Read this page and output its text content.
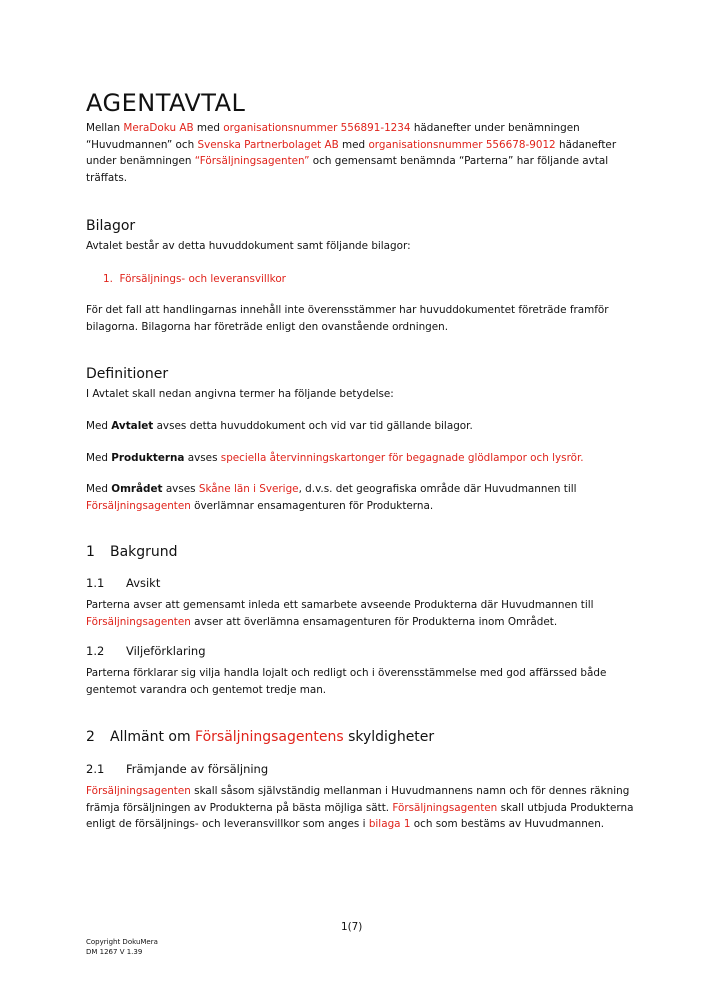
AGENTAVTAL

Mellan MeraDoku AB med organisationsnummer 556891-1234 hädanefter under benämningen “Huvudmannen” och Svenska Partnerbolaget AB med organisationsnummer 556678-9012 hädanefter under benämningen “Försäljningsagenten” och gemensamt benämnda “Parterna” har följande avtal träffats.

Bilagor

Avtalet består av detta huvuddokument samt följande bilagor:

1. Försäljnings- och leveransvillkor

För det fall att handlingarnas innehåll inte överensstämmer har huvuddokumentet företräde framför bilagorna. Bilagorna har företräde enligt den ovanstående ordningen.

Definitioner

I Avtalet skall nedan angivna termer ha följande betydelse:

Med Avtalet avses detta huvuddokument och vid var tid gällande bilagor.

Med Produkterna avses speciella återvinningskartonger för begagnade glödlampor och lysrör.

Med Området avses Skåne län i Sverige, d.v.s. det geografiska område där Huvudmannen till Försäljningsagenten överlämnar ensamagenturen för Produkterna.

1 Bakgrund
1.1 Avsikt

Parterna avser att gemensamt inleda ett samarbete avseende Produkterna där Huvudmannen till Försäljningsagenten avser att överlämna ensamagenturen för Produkterna inom Området.

1.2 Viljeförklaring

Parterna förklarar sig vilja handla lojalt och redligt och i överensstämmelse med god affärssed både gentemot varandra och gentemot tredje man.

2 Allmänt om Försäljningsagentens skyldigheter
2.1 Främjande av försäljning

Försäljningsagenten skall såsom självständig mellanman i Huvudmannens namn och för dennes räkning främja försäljningen av Produkterna på bästa möjliga sätt. Försäljningsagenten skall utbjuda Produkterna enligt de försäljnings- och leveransvillkor som anges i bilaga 1 och som bestäms av Huvudmannen.

1(7)
Copyright DokuMera
DM 1267 V 1.39
